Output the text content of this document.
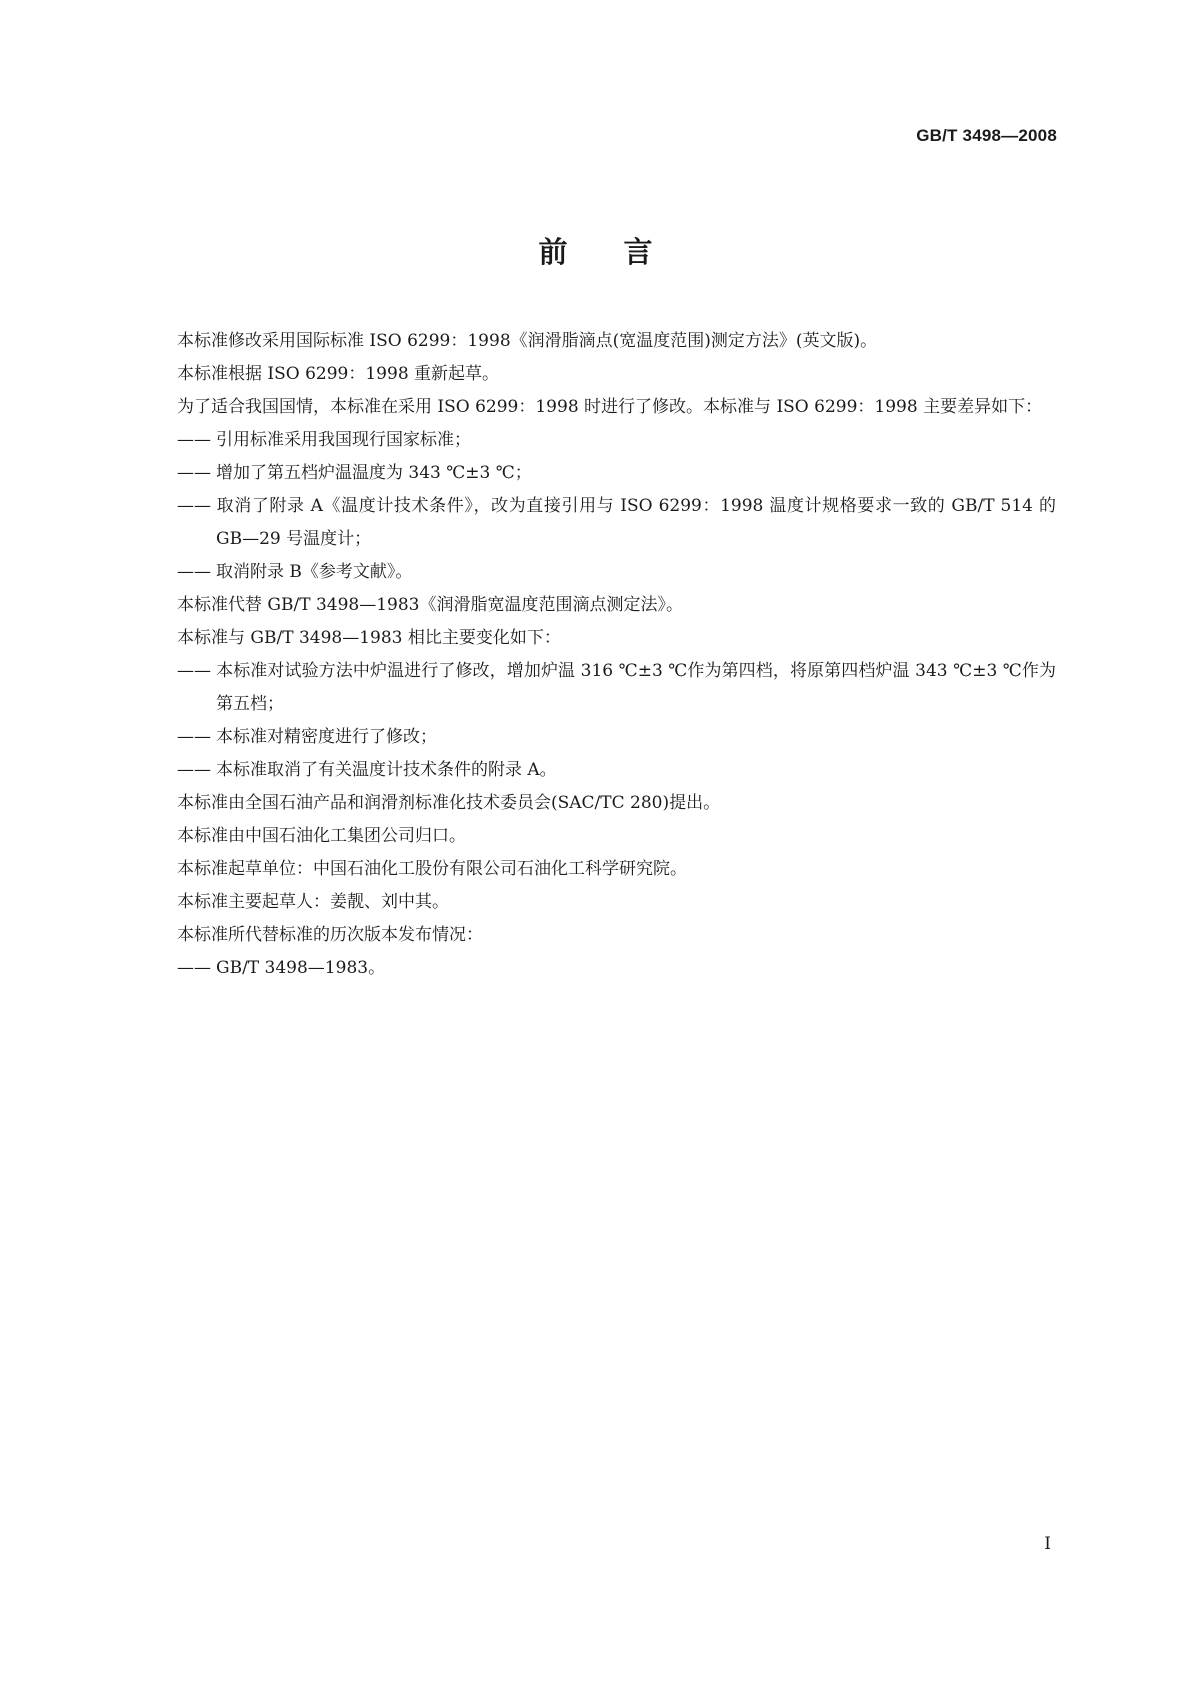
GB/T 3498—2008
前言

本标准修改采用国际标准 ISO 6299：1998《润滑脂滴点(宽温度范围)测定方法》(英文版)。

本标准根据 ISO 6299：1998 重新起草。

为了适合我国国情，本标准在采用 ISO 6299：1998 时进行了修改。本标准与 ISO 6299：1998 主要差异如下：

—— 引用标准采用我国现行国家标准；

—— 增加了第五档炉温温度为 343 ℃±3 ℃；

—— 取消了附录 A《温度计技术条件》，改为直接引用与 ISO 6299：1998 温度计规格要求一致的 GB/T 514 的 GB—29 号温度计；

—— 取消附录 B《参考文献》。

本标准代替 GB/T 3498—1983《润滑脂宽温度范围滴点测定法》。

本标准与 GB/T 3498—1983 相比主要变化如下：

—— 本标准对试验方法中炉温进行了修改，增加炉温 316 ℃±3 ℃作为第四档，将原第四档炉温 343 ℃±3 ℃作为第五档；

—— 本标准对精密度进行了修改；

—— 本标准取消了有关温度计技术条件的附录 A。

本标准由全国石油产品和润滑剂标准化技术委员会(SAC/TC 280)提出。

本标准由中国石油化工集团公司归口。

本标准起草单位：中国石油化工股份有限公司石油化工科学研究院。

本标准主要起草人：姜靓、刘中其。

本标准所代替标准的历次版本发布情况：

—— GB/T 3498—1983。

I
